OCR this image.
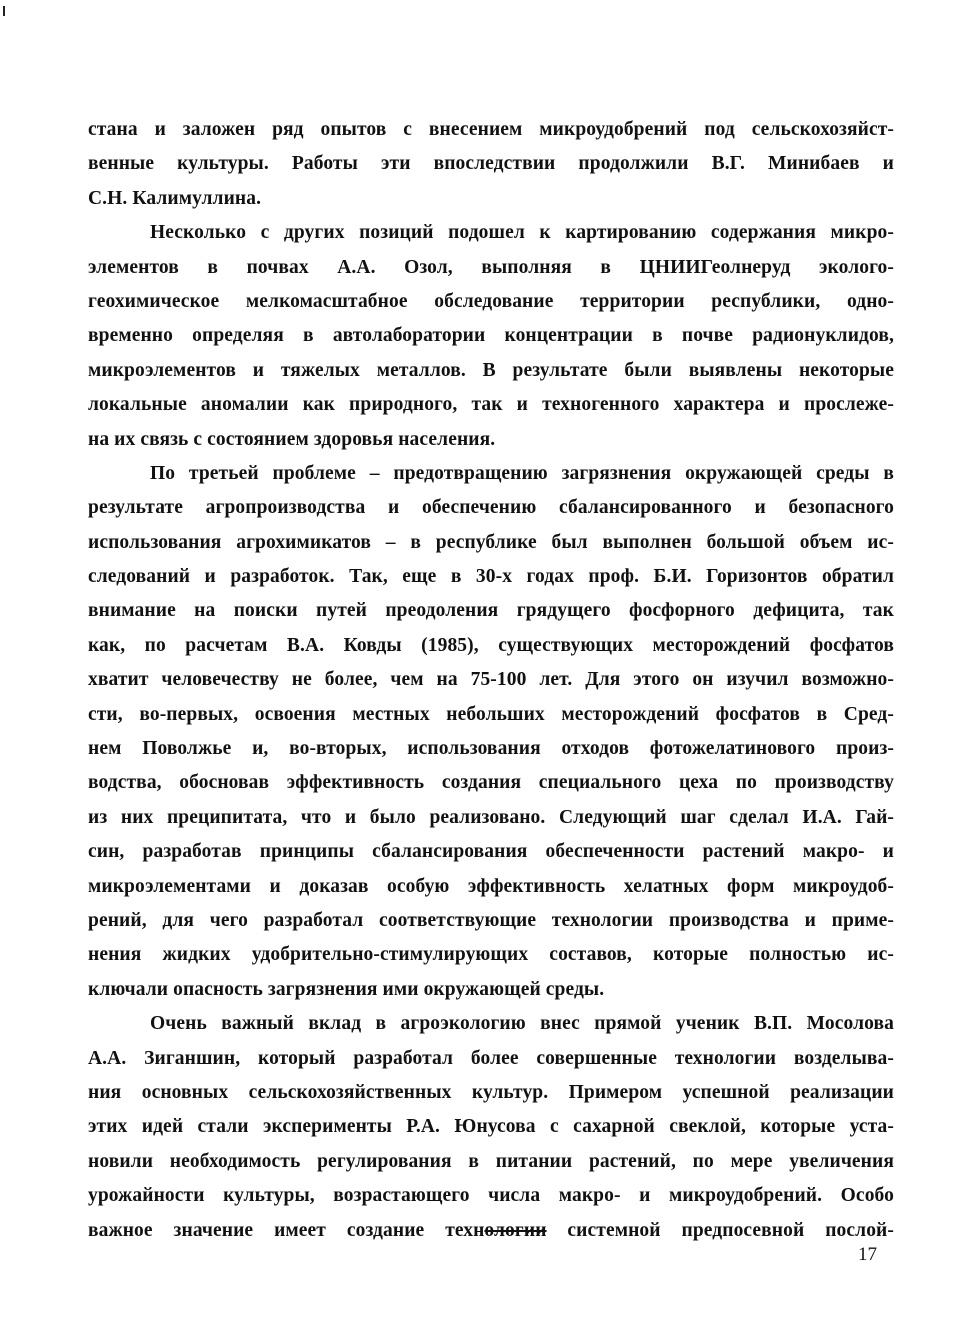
стана и заложен ряд опытов с внесением микроудобрений под сельскохозяйст-
венные культуры. Работы эти впоследствии продолжили В.Г. Минибаев и
С.Н. Калимуллина.
Несколько с других позиций подошел к картированию содержания микро-
элементов в почвах А.А. Озол, выполняя в ЦНИИГеолнеруд эколого-
геохимическое мелкомасштабное обследование территории республики, одно-
временно определяя в автолаборатории концентрации в почве радионуклидов,
микроэлементов и тяжелых металлов. В результате были выявлены некоторые
локальные аномалии как природного, так и техногенного характера и прослеже-
на их связь с состоянием здоровья населения.
По третьей проблеме – предотвращению загрязнения окружающей среды в
результате агропроизводства и обеспечению сбалансированного и безопасного
использования агрохимикатов – в республике был выполнен большой объем ис-
следований и разработок. Так, еще в 30-х годах проф. Б.И. Горизонтов обратил
внимание на поиски путей преодоления грядущего фосфорного дефицита, так
как, по расчетам В.А. Ковды (1985), существующих месторождений фосфатов
хватит человечеству не более, чем на 75-100 лет. Для этого он изучил возможно-
сти, во-первых, освоения местных небольших месторождений фосфатов в Сред-
нем Поволжье и, во-вторых, использования отходов фотожелатинового произ-
водства, обосновав эффективность создания специального цеха по производству
из них преципитата, что и было реализовано. Следующий шаг сделал И.А. Гай-
син, разработав принципы сбалансирования обеспеченности растений макро- и
микроэлементами и доказав особую эффективность хелатных форм микроудоб-
рений, для чего разработал соответствующие технологии производства и приме-
нения жидких удобрительно-стимулирующих составов, которые полностью ис-
ключали опасность загрязнения ими окружающей среды.
Очень важный вклад в агроэкологию внес прямой ученик В.П. Мосолова
А.А. Зиганшин, который разработал более совершенные технологии возделыва-
ния основных сельскохозяйственных культур. Примером успешной реализации
этих идей стали эксперименты Р.А. Юнусова с сахарной свеклой, которые уста-
новили необходимость регулирования в питании растений, по мере увеличения
урожайности культуры, возрастающего числа макро- и микроудобрений. Особо
важное значение имеет создание технологии системной предпосевной послой-
17
